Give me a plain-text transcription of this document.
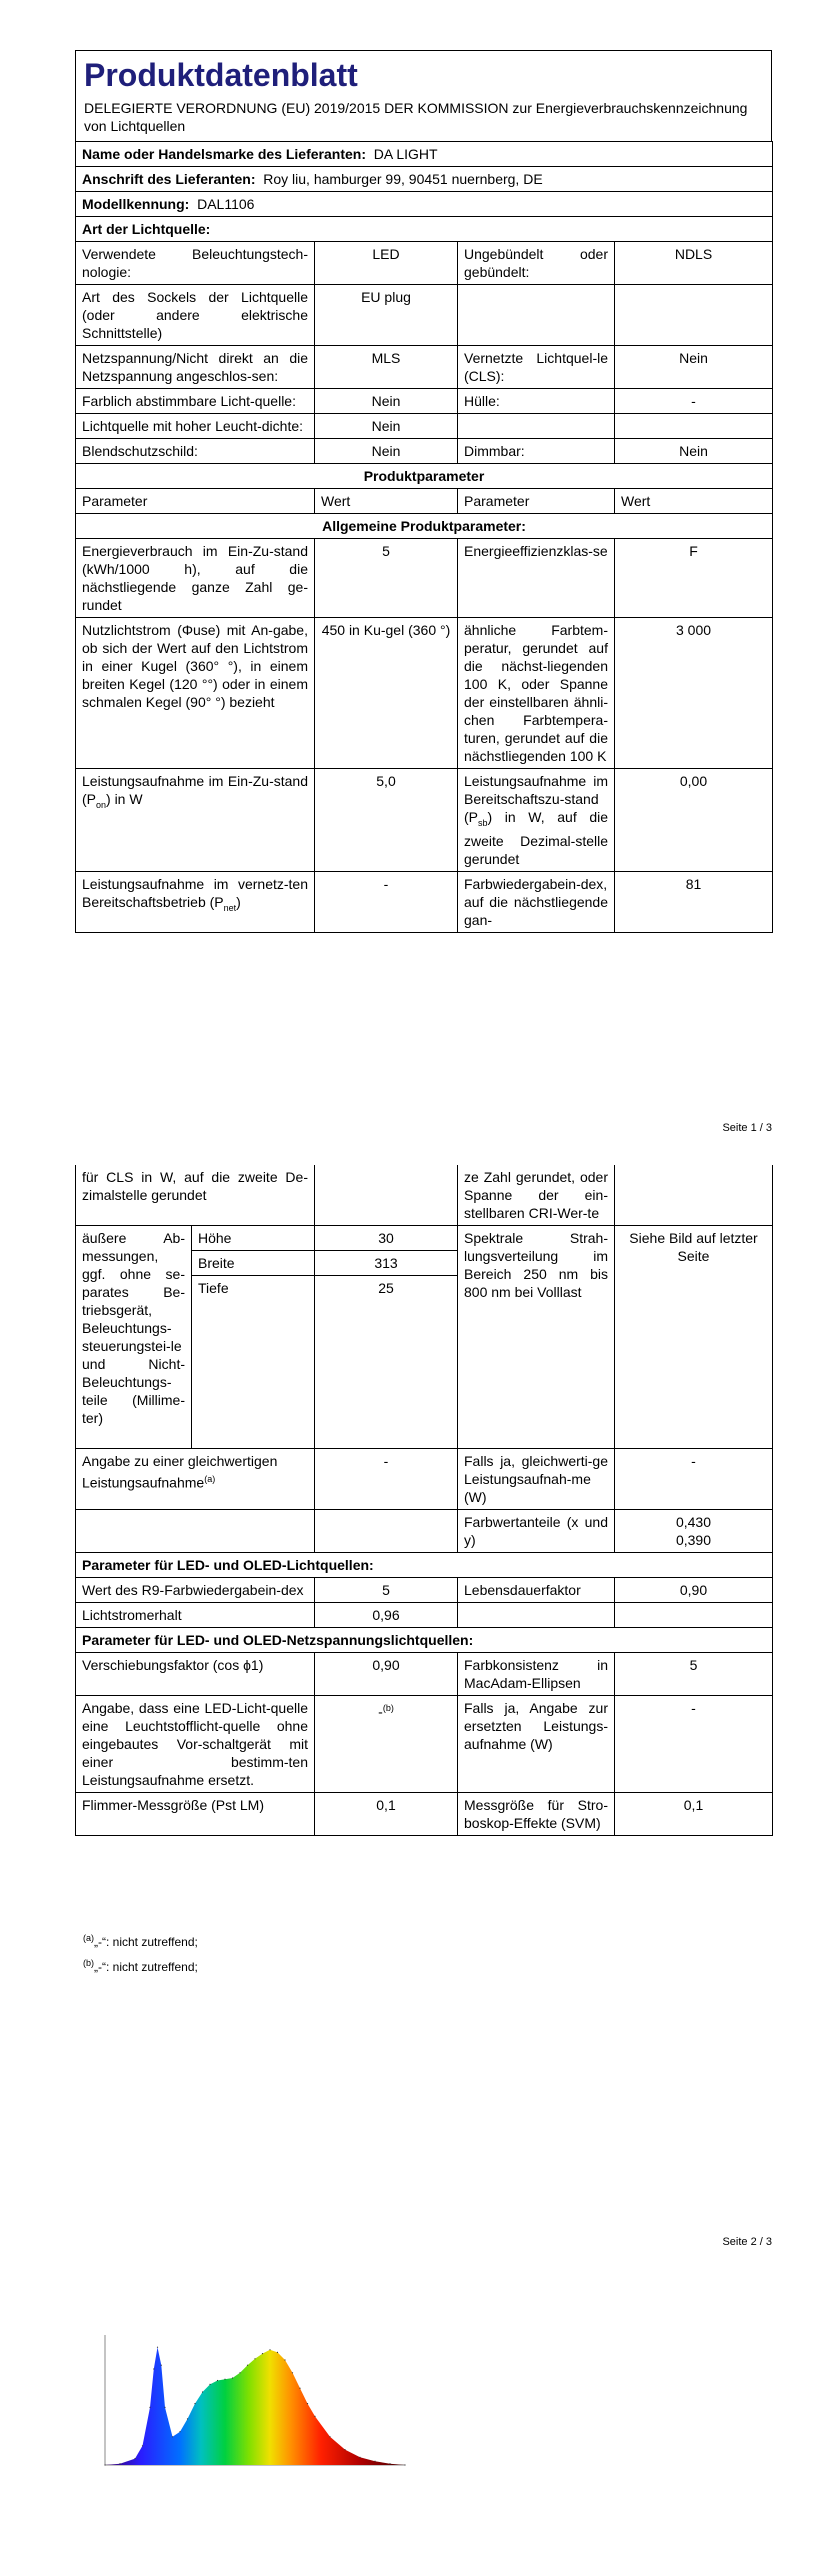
Produktdatenblatt
DELEGIERTE VERORDNUNG (EU) 2019/2015 DER KOMMISSION zur Energieverbrauchskennzeichnung von Lichtquellen
Name oder Handelsmarke des Lieferanten: DA LIGHT			
Anschrift des Lieferanten: Roy liu, hamburger 99, 90451 nuernberg, DE			
Modellkennung: DAL1106			
Art der Lichtquelle:			
Verwendete Beleuchtungstech-nologie:	LED	Ungebündelt oder gebündelt:	NDLS
Art des Sockels der Lichtquelle (oder andere elektrische Schnittstelle)	EU plug		
Netzspannung/Nicht direkt an die Netzspannung angeschlos-sen:	MLS	Vernetzte Lichtquel-le (CLS):	Nein
Farblich abstimmbare Licht-quelle:	Nein	Hülle:	-
Lichtquelle mit hoher Leucht-dichte:	Nein		
Blendschutzschild:	Nein	Dimmbar:	Nein
Produktparameter			
Parameter	Wert	Parameter	Wert
Allgemeine Produktparameter:			
Energieverbrauch im Ein-Zu-stand (kWh/1000 h), auf die nächstliegende ganze Zahl ge-rundet	5	Energieeffizienzklas-se	F
Nutzlichtstrom (Φuse) mit An-gabe, ob sich der Wert auf den Lichtstrom in einer Kugel (360° °), in einem breiten Kegel (120 °°) oder in einem schmalen Kegel (90° °) bezieht	450 in Ku-gel (360 °)	ähnliche Farbtem-peratur, gerundet auf die nächst-liegenden 100 K, oder Spanne der einstellbaren ähnli-chen Farbtempera-turen, gerundet auf die nächstliegenden 100 K	3 000
Leistungsaufnahme im Ein-Zu-stand $(P_{on})$ in W	5,0	Leistungsaufnahme im Bereitschaftszu-stand $(P_{sb})$ in W, auf die zweite Dezimal-stelle gerundet	0,00
Leistungsaufnahme im vernetz-ten Bereitschaftsbetrieb $(P_{net})$	-	Farbwiedergabein-dex, auf die nächstliegende gan-	81
Seite 1 / 3
für CLS in W, auf die zweite De-zimalstelle gerundet			ze Zahl gerundet, oder Spanne der ein-stellbaren CRI-Wer-te	
äußere Ab-messungen, ggf. ohne se-parates Be-triebsgerät, Beleuchtungs-steuerungstei-le und Nicht-Beleuchtungs-teile (Millime-ter)	Höhe	30	Spektrale Strah-lungsverteilung im Bereich 250 nm bis 800 nm bei Volllast	Siehe Bild auf letzter Seite
	Breite	313		
	Tiefe	25		
Angabe zu einer gleichwertigen Leistungsaufnahme$^{(a)}$		-	Falls ja, gleichwerti-ge Leistungsaufnah-me (W)	-
			Farbwertanteile (x und y)	0,430
0,390

Parameter für LED- und OLED-Lichtquellen:				
Wert des R9-Farbwiedergabein-dex		5	Lebensdauerfaktor	0,90
Lichtstromerhalt		0,96		
Parameter für LED- und OLED-Netzspannungslichtquellen:				
Verschiebungsfaktor (cos ϕ1)		0,90	Farbkonsistenz in MacAdam-Ellipsen	5
Angabe, dass eine LED-Licht-quelle eine Leuchtstofflicht-quelle ohne eingebautes Vor-schaltgerät mit einer bestimm-ten Leistungsaufnahme ersetzt.		-$^{(b)}$	Falls ja, Angabe zur ersetzten Leistungs-aufnahme (W)	-
Flimmer-Messgröße (Pst LM)		0,1	Messgröße für Stro-boskop-Effekte (SVM)	0,1
$^{(a)}$„-“: nicht zutreffend;
$^{(b)}$„-“: nicht zutreffend;
Seite 2 / 3
